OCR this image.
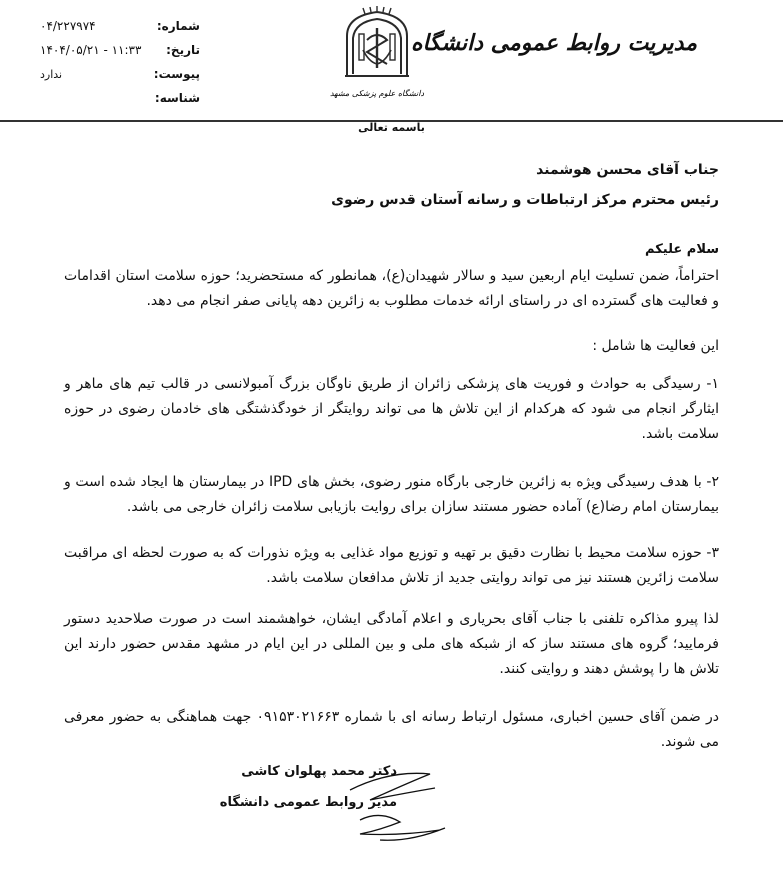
شماره:
۰۴/۲۲۷۹۷۴
تاریخ:
۱۴۰۴/۰۵/۲۱ - ۱۱:۳۳
پیوست:
ندارد
شناسه:	دانشگاه علوم پزشکی مشهد
مدیریت روابط عمومی دانشگاه
باسمه تعالی
جناب آقای محسن هوشمند
رئیس محترم مرکز ارتباطات و رسانه آستان قدس رضوی
سلام علیکم
احتراماً، ضمن تسلیت ایام اربعین سید و سالار شهیدان(ع)، همانطور که مستحضرید؛ حوزه سلامت استان اقدامات و فعالیت های گسترده ای در راستای ارائه خدمات مطلوب به زائرین دهه پایانی صفر انجام می دهد.
این فعالیت ها شامل :
۱- رسیدگی به حوادث و فوریت های پزشکی زائران از طریق ناوگان بزرگ آمبولانسی در قالب تیم های ماهر و ایثارگر انجام می شود که هرکدام از این تلاش ها می تواند روایتگر از خودگذشتگی های خادمان رضوی در حوزه سلامت باشد.
۲- با هدف رسیدگی ویژه به زائرین خارجی بارگاه منور رضوی، بخش های IPD در بیمارستان ها ایجاد شده است و بیمارستان امام رضا(ع) آماده حضور مستند سازان برای روایت بازیابی سلامت زائران خارجی می باشد.
۳- حوزه سلامت محیط با نظارت دقیق بر تهیه و توزیع مواد غذایی به ویژه نذورات که به صورت لحظه ای مراقبت سلامت زائرین هستند نیز می تواند روایتی جدید از تلاش مدافعان سلامت باشد.
لذا پیرو مذاکره تلفنی با جناب آقای بحریاری و اعلام آمادگی ایشان، خواهشمند است در صورت صلاحدید دستور فرمایید؛ گروه های مستند ساز که از شبکه های ملی و بین المللی در این ایام در مشهد مقدس حضور دارند این تلاش ها را پوشش دهند و روایتی کنند.
در ضمن آقای حسین اخباری، مسئول ارتباط رسانه ای با شماره ۰۹۱۵۳۰۲۱۶۶۳ جهت هماهنگی به حضور معرفی می شوند.
دکتر محمد پهلوان کاشی
مدیر روابط عمومی دانشگاه
